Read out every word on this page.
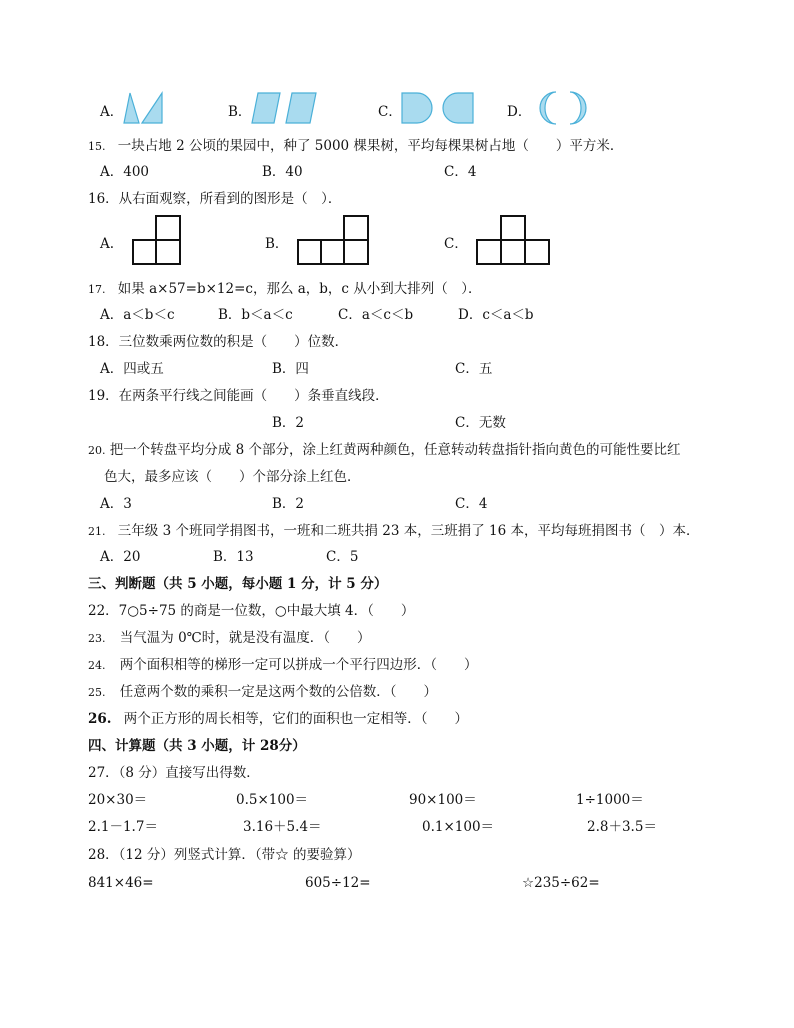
A．	B．	C．	D．
15. 一块占地 2 公顷的果园中，种了 5000 棵果树，平均每棵果树占地（　　）平方米．
A．400	B．40	C．4
16．从右面观察，所看到的图形是（　）．
A.	B．	C．
17. 如果 a×57=b×12=c，那么 a，b，c 从小到大排列（　）．
A．a＜b＜c	B．b＜a＜c	C．a＜c＜b	D．c＜a＜b
18．三位数乘两位数的积是（　　）位数．
A．四或五	B．四	C．五
19．在两条平行线之间能画（　　）条垂直线段．
B．2	C．无数
20. 把一个转盘平均分成 8 个部分，涂上红黄两种颜色，任意转动转盘指针指向黄色的可能性要比红
色大，最多应该（　　）个部分涂上红色．
A．3	B．2	C．4
21. 三年级 3 个班同学捐图书，一班和二班共捐 23 本，三班捐了 16 本，平均每班捐图书（　）本．
A．20	B．13	C．5
三、判断题（共 5 小题，每小题 1 分，计 5 分）
22．7○5÷75 的商是一位数，○中最大填 4．（　　）
23. 当气温为 0℃时，就是没有温度．（　　）
24. 两个面积相等的梯形一定可以拼成一个平行四边形．（　　）
25. 任意两个数的乘积一定是这两个数的公倍数．（　　）
26. 两个正方形的周长相等，它们的面积也一定相等．（　　）
四、计算题（共 3 小题，计 28分）
27．（8 分）直接写出得数．
20×30＝	0.5×100＝	90×100＝	1÷1000＝
2.1－1.7＝	3.16＋5.4＝	0.1×100＝	2.8＋3.5＝
28．（12 分）列竖式计算．（带☆ 的要验算）
841×46=	605÷12=	☆235÷62=
